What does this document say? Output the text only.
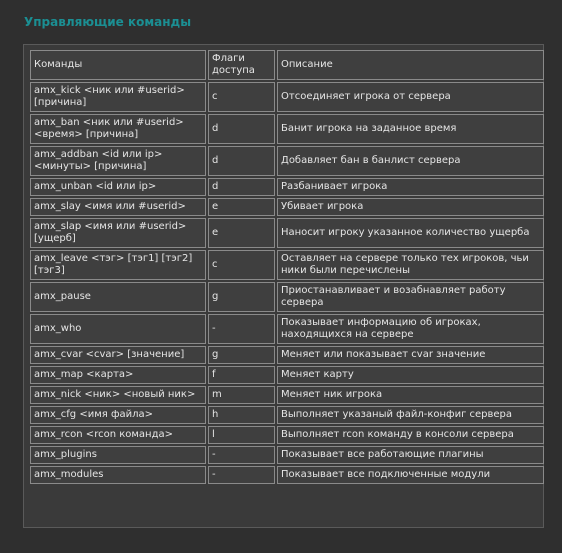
Управляющие команды
Команды	Флаги доступа	Описание
amx_kick <ник или #userid> [причина]	c	Отсоединяет игрока от сервера
amx_ban <ник или #userid> <время> [причина]	d	Банит игрока на заданное время
amx_addban <id или ip> <минуты> [причина]	d	Добавляет бан в банлист сервера
amx_unban <id или ip>	d	Разбанивает игрока
amx_slay <имя или #userid>	e	Убивает игрока
amx_slap <имя или #userid> [ущерб]	e	Наносит игроку указанное количество ущерба
amx_leave <тэг> [тэг1] [тэг2] [тэг3]	c	Оставляет на сервере только тех игроков, чьи ники были перечислены
amx_pause	g	Приостанавливает и возабнавляет работу сервера
amx_who	-	Показывает информацию об игроках, находящихся на сервере
amx_cvar <cvar> [значение]	g	Меняет или показывает cvar значение
amx_map <карта>	f	Меняет карту
amx_nick <ник> <новый ник>	m	Меняет ник игрока
amx_cfg <имя файла>	h	Выполняет указаный файл-конфиг сервера
amx_rcon <rcon команда>	l	Выполняет rcon команду в консоли сервера
amx_plugins	-	Показывает все работающие плагины
amx_modules	-	Показывает все подключенные модули
